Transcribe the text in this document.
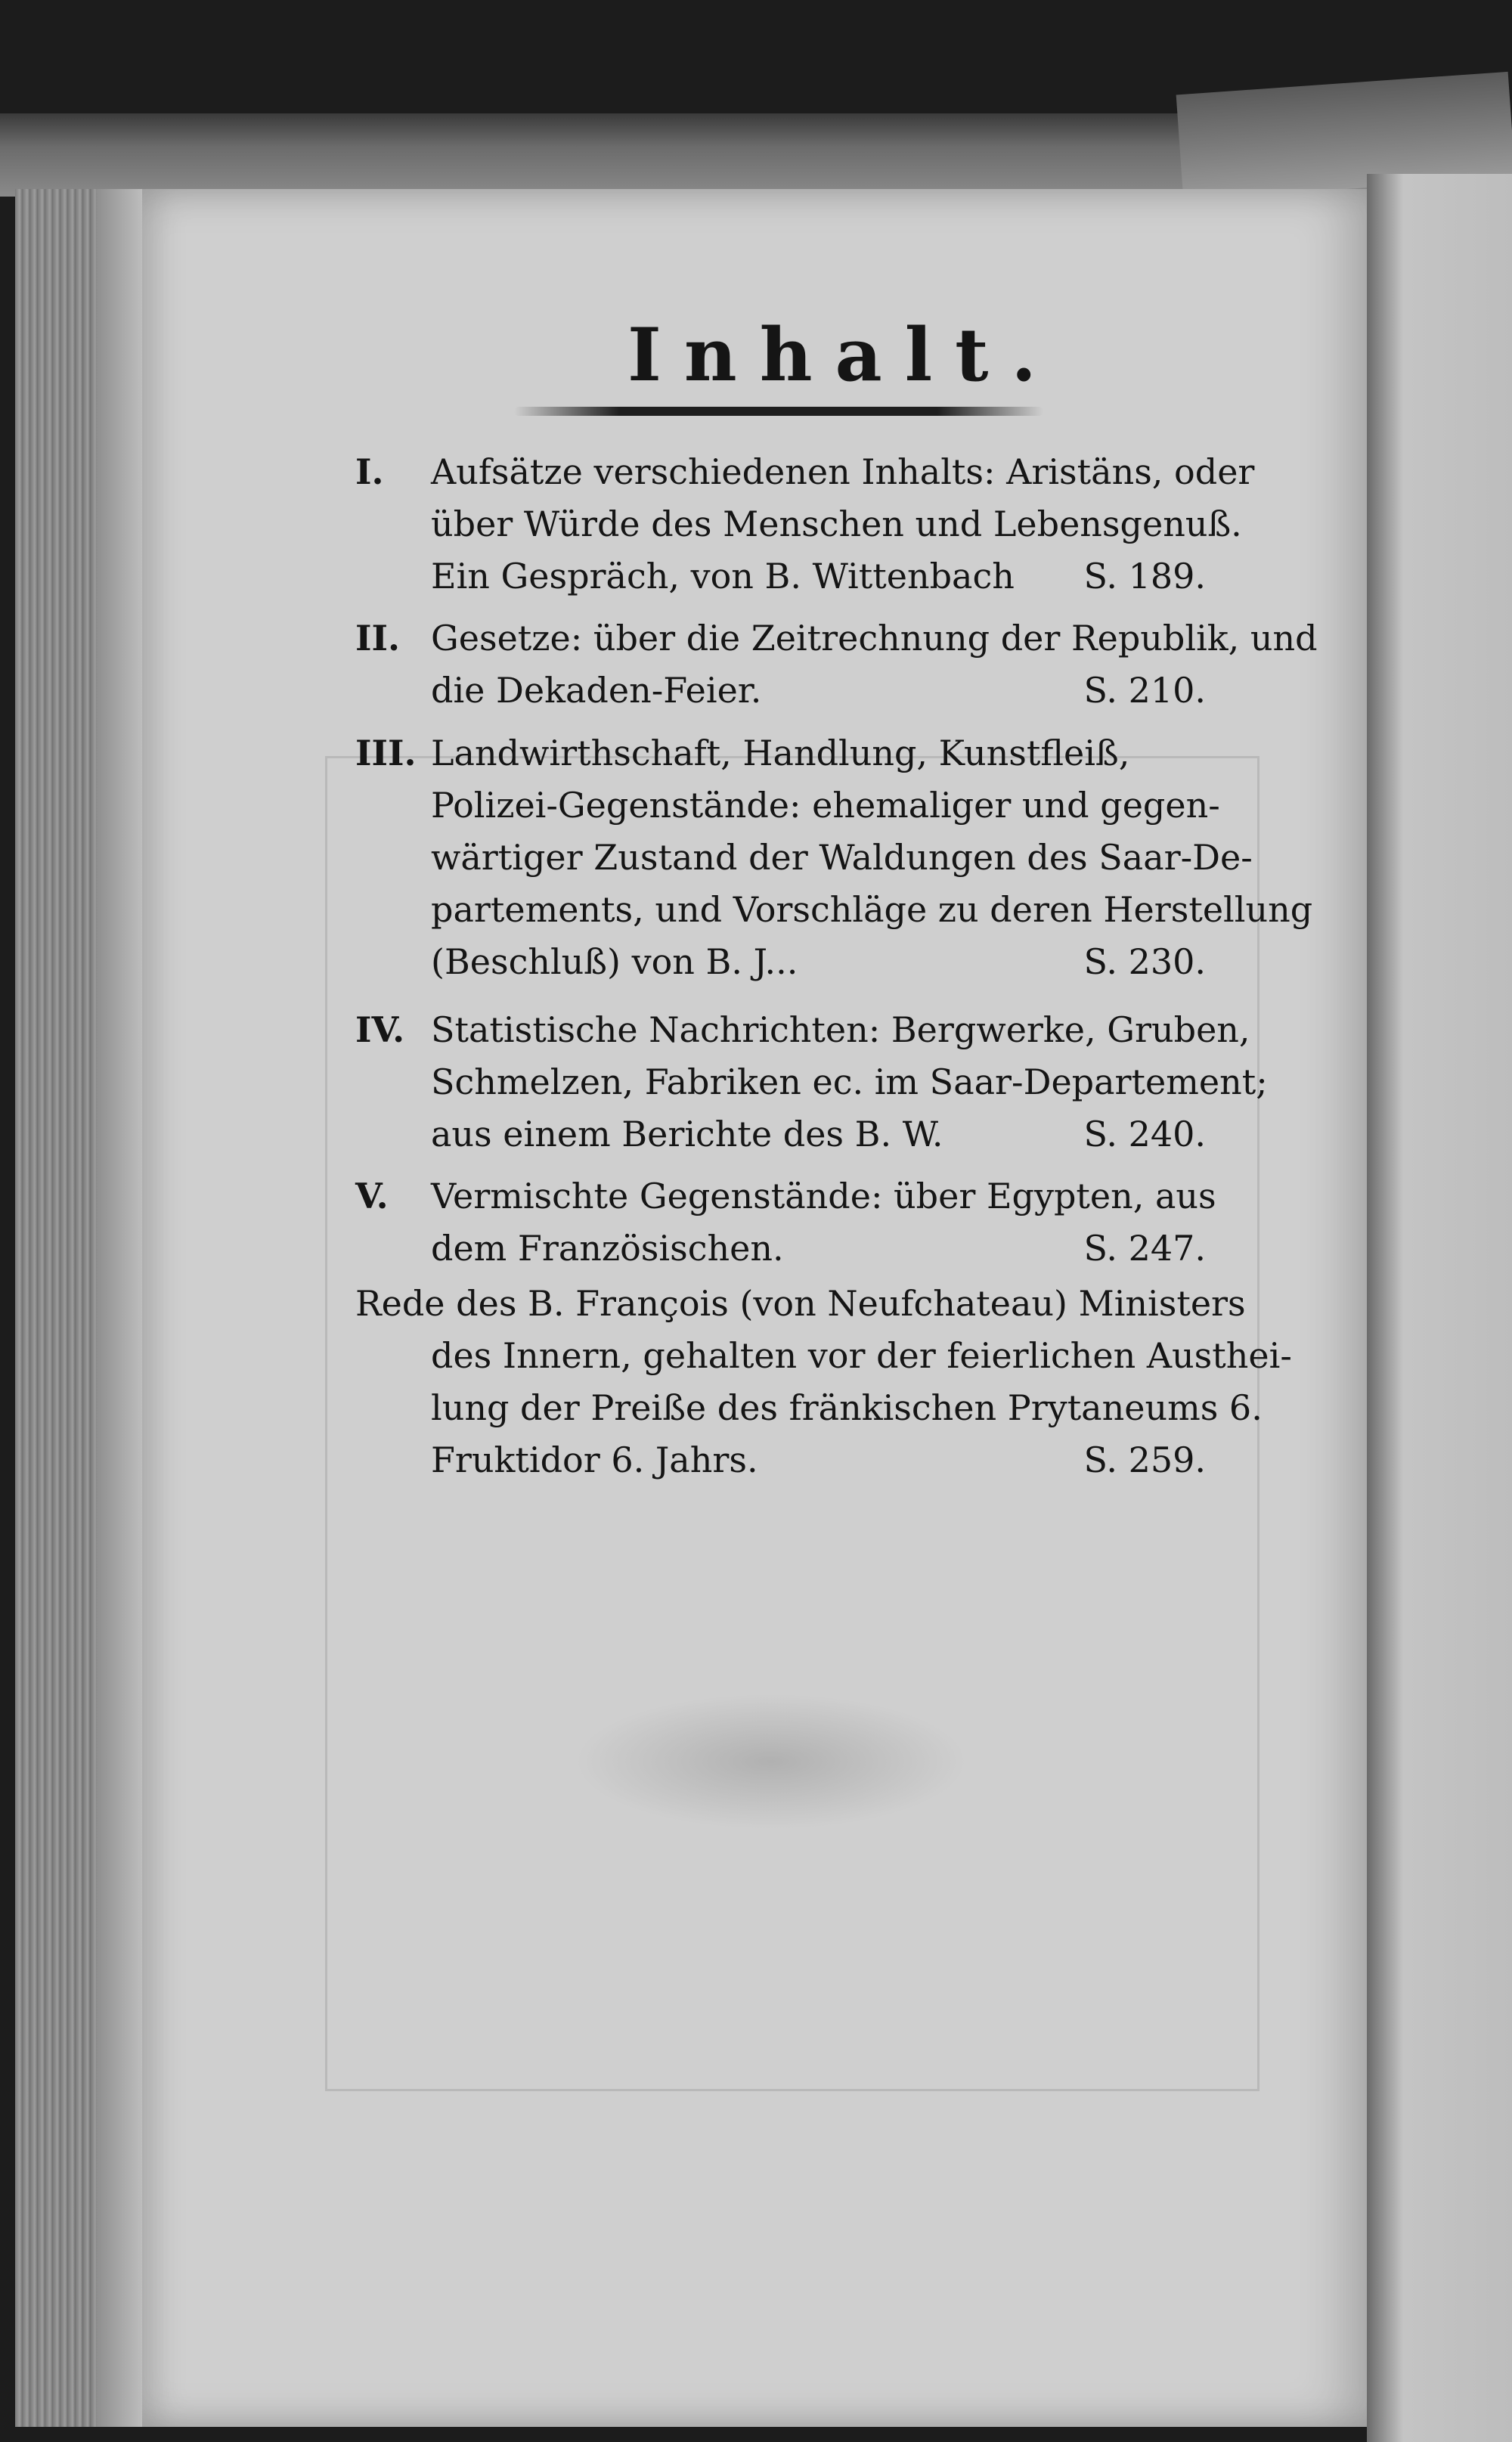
Inhalt.
I. Aufsätze verschiedenen Inhalts: Aristäns, oder
über Würde des Menschen und Lebensgenuß.
Ein Gespräch, von B. Wittenbach S. 189.
II. Gesetze: über die Zeitrechnung der Republik, und
die Dekaden-Feier.	S. 210.
III. Landwirthschaft, Handlung, Kunstfleiß,
Polizei-Gegenstände: ehemaliger und gegen-
wärtiger Zustand der Waldungen des Saar-De-
partements, und Vorschläge zu deren Herstellung
(Beschluß) von B. J...	S. 230.
IV. Statistische Nachrichten: Bergwerke, Gruben,
Schmelzen, Fabriken ec. im Saar-Departement;
aus einem Berichte des B. W.	S. 240.
V. Vermischte Gegenstände: über Egypten, aus
dem Französischen.	S. 247.
Rede des B. François (von Neufchateau) Ministers
des Innern, gehalten vor der feierlichen Austhei-
lung der Preiße des fränkischen Prytaneums 6.
Fruktidor 6. Jahrs.	S. 259.
